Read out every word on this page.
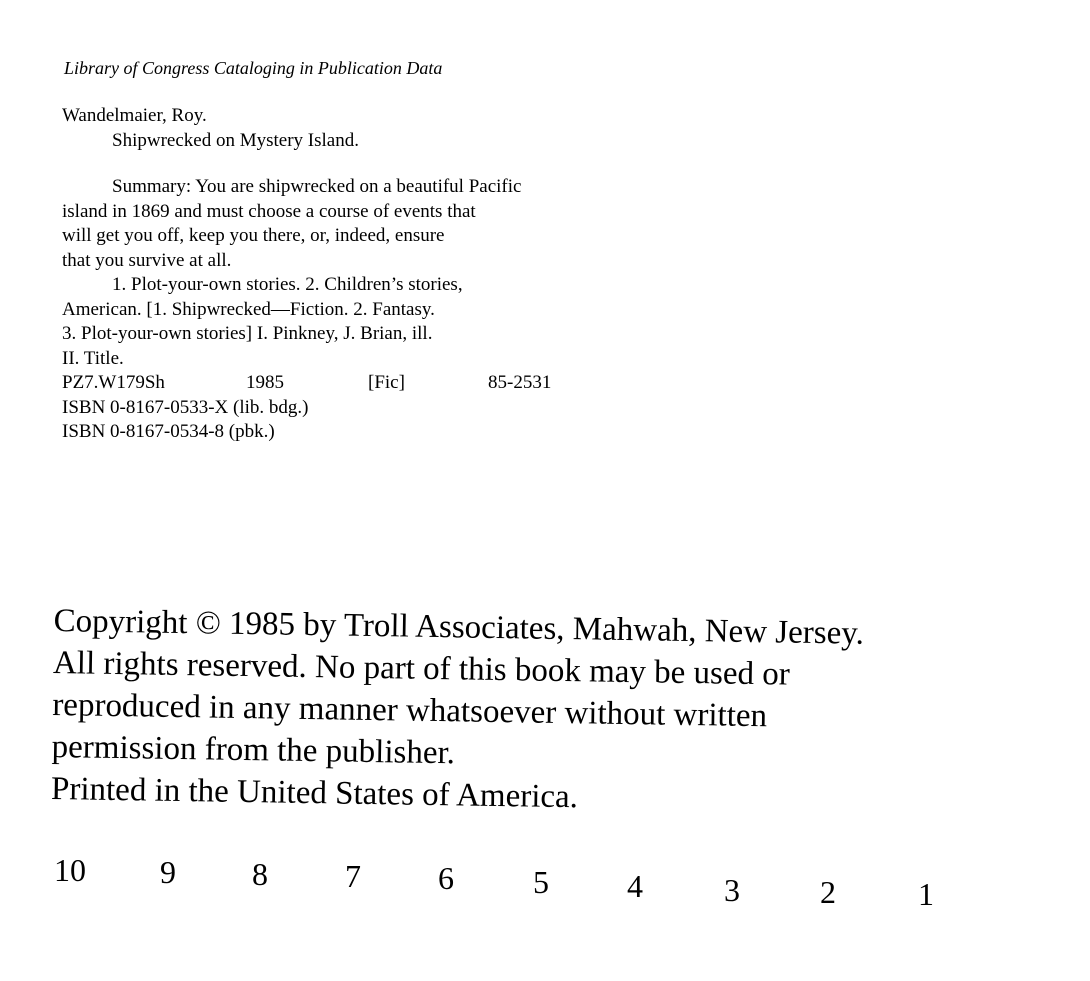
Library of Congress Cataloging in Publication Data
Wandelmaier, Roy.
Shipwrecked on Mystery Island.
Summary: You are shipwrecked on a beautiful Pacific
island in 1869 and must choose a course of events that
will get you off, keep you there, or, indeed, ensure
that you survive at all.
1. Plot-your-own stories. 2. Children’s stories,
American. [1. Shipwrecked—Fiction. 2. Fantasy.
3. Plot-your-own stories] I. Pinkney, J. Brian, ill.
II. Title.
PZ7.W179Sh	1985	[Fic]	85-2531
ISBN 0-8167-0533-X (lib. bdg.)
ISBN 0-8167-0534-8 (pbk.)
Copyright © 1985 by Troll Associates, Mahwah, New Jersey.
All rights reserved. No part of this book may be used or
reproduced in any manner whatsoever without written
permission from the publisher.
Printed in the United States of America.
10 9 8 7 6 5 4	3	2	1
